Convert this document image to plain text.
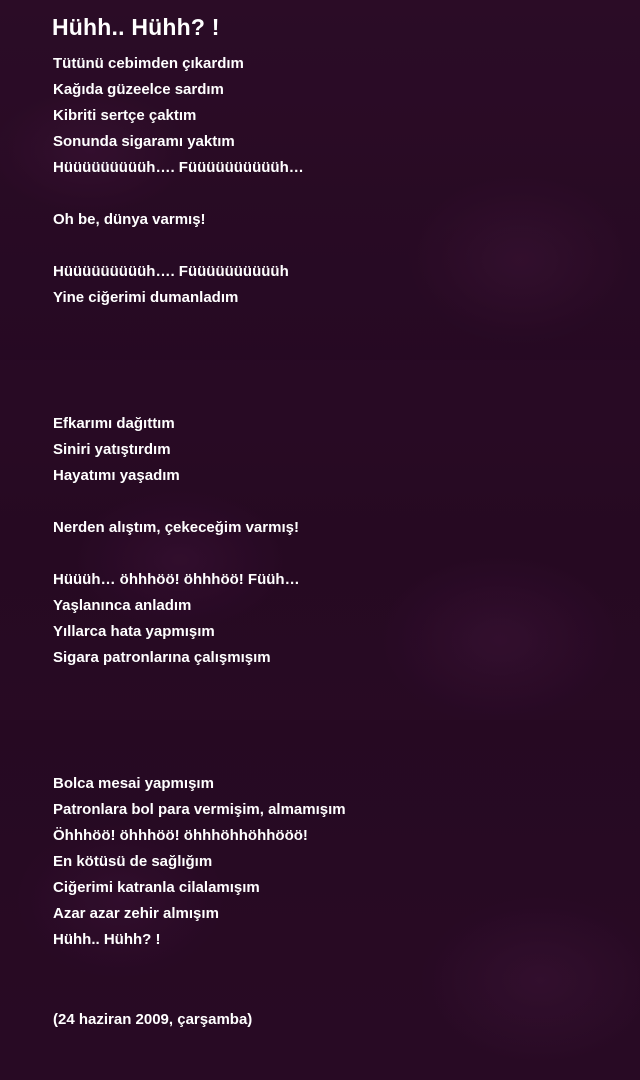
Hühh.. Hühh? !
Tütünü cebimden çıkardım
Kağıda güzeelce sardım
Kibriti sertçe çaktım
Sonunda sigaramı yaktım
Hüüüüüüüüüh…. Füüüüüüüüüüh…
Oh be, dünya varmış!
Hüüüüüüüüüh…. Füüüüüüüüüüh
Yine ciğerimi dumanladım
Efkarımı dağıttım
Siniri yatıştırdım
Hayatımı yaşadım
Nerden alıştım, çekeceğim varmış!
Hüüüh… öhhhöö! öhhhöö! Füüh…
Yaşlanınca anladım
Yıllarca hata yapmışım
Sigara patronlarına çalışmışım
Bolca mesai yapmışım
Patronlara bol para vermişim, almamışım
Öhhhöö! öhhhöö! öhhhöhhöhhööö!
En kötüsü de sağlığım
Ciğerimi katranla cilalamışım
Azar azar zehir almışım
Hühh.. Hühh? !
(24 haziran 2009, çarşamba)
